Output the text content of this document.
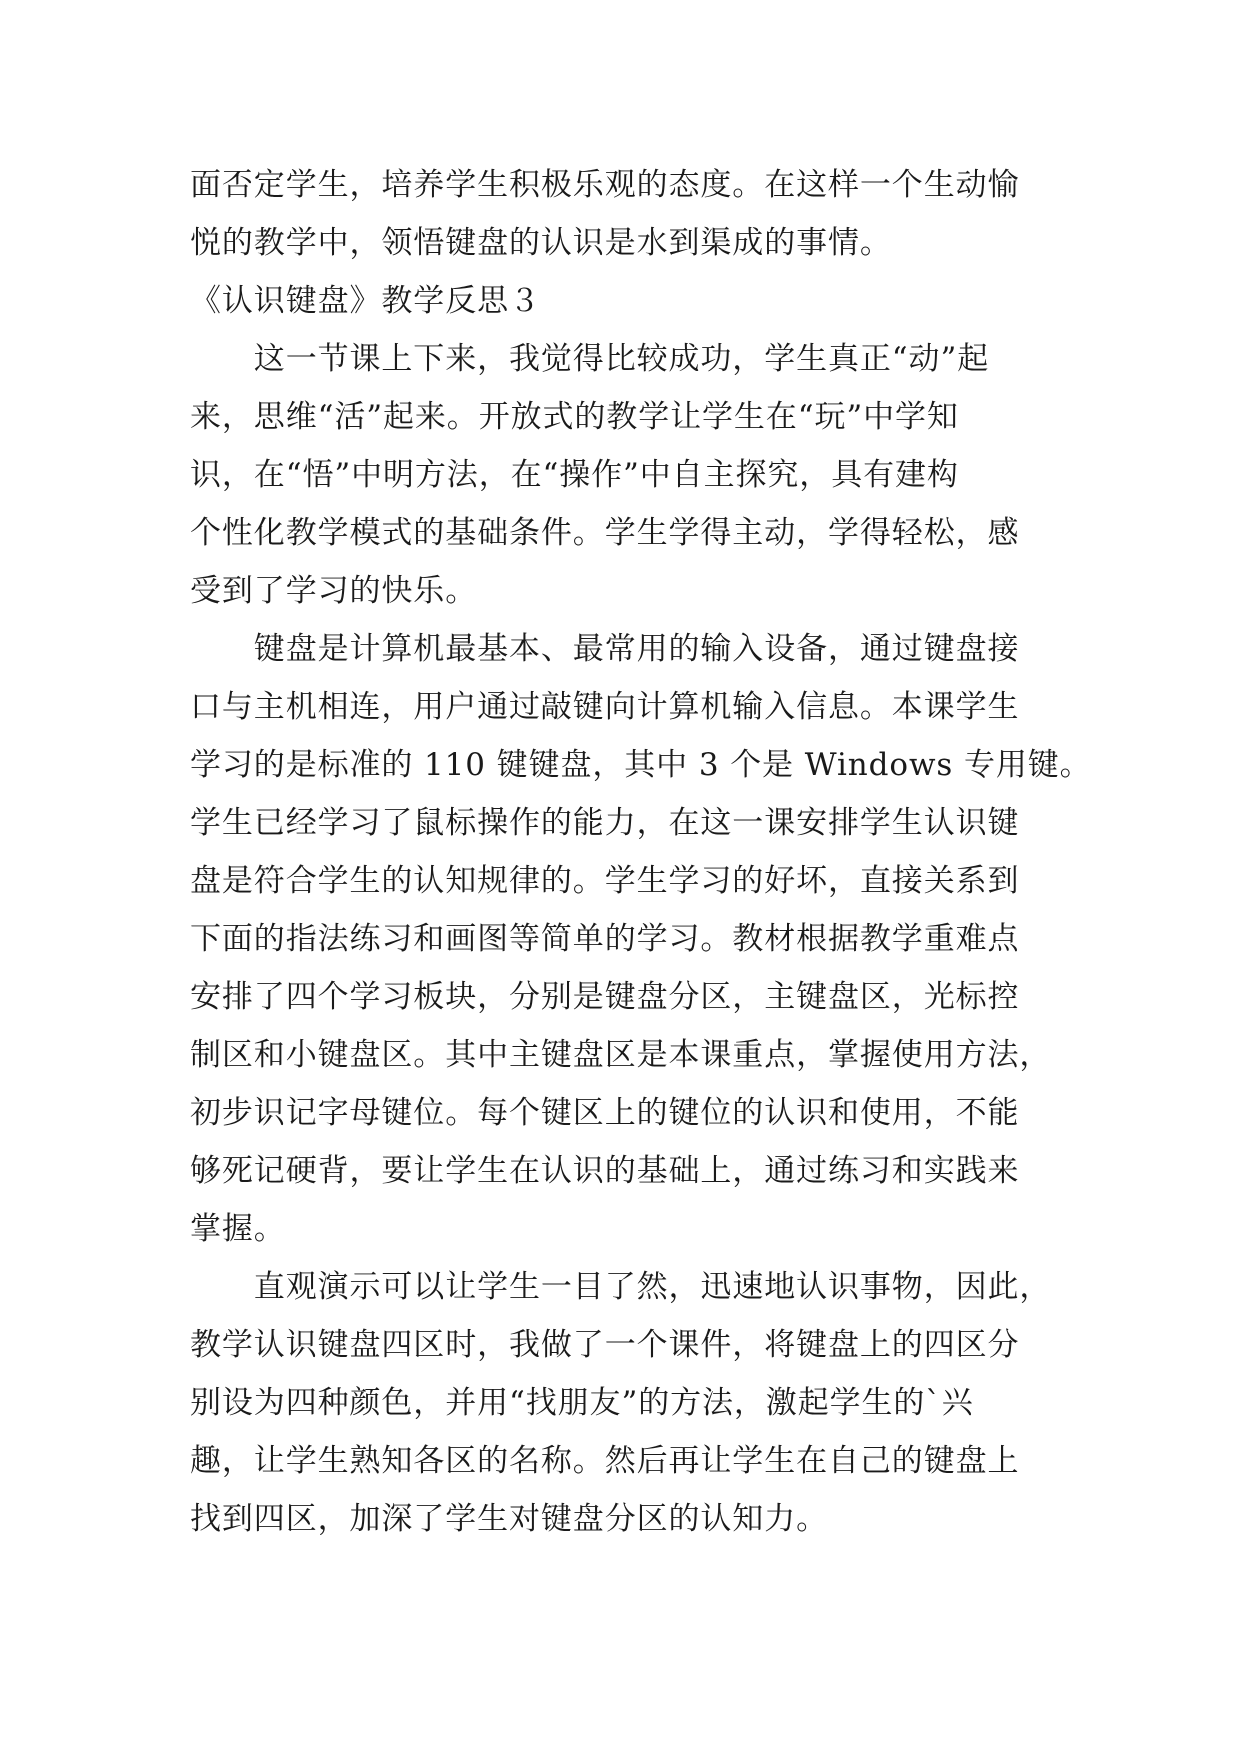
面否定学生，培养学生积极乐观的态度。在这样一个生动愉
悦的教学中，领悟键盘的认识是水到渠成的事情。
《认识键盘》教学反思３
　　这一节课上下来，我觉得比较成功，学生真正“动”起
来，思维“活”起来。开放式的教学让学生在“玩”中学知
识，在“悟”中明方法，在“操作”中自主探究，具有建构
个性化教学模式的基础条件。学生学得主动，学得轻松，感
受到了学习的快乐。
　　键盘是计算机最基本、最常用的输入设备，通过键盘接
口与主机相连，用户通过敲键向计算机输入信息。本课学生
学习的是标准的 110 键键盘，其中 3 个是 Windows 专用键。
学生已经学习了鼠标操作的能力，在这一课安排学生认识键
盘是符合学生的认知规律的。学生学习的好坏，直接关系到
下面的指法练习和画图等简单的学习。教材根据教学重难点
安排了四个学习板块，分别是键盘分区，主键盘区，光标控
制区和小键盘区。其中主键盘区是本课重点，掌握使用方法，
初步识记字母键位。每个键区上的键位的认识和使用，不能
够死记硬背，要让学生在认识的基础上，通过练习和实践来
掌握。
　　直观演示可以让学生一目了然，迅速地认识事物，因此，
教学认识键盘四区时，我做了一个课件，将键盘上的四区分
别设为四种颜色，并用“找朋友”的方法，激起学生的`兴
趣，让学生熟知各区的名称。然后再让学生在自己的键盘上
找到四区，加深了学生对键盘分区的认知力。
